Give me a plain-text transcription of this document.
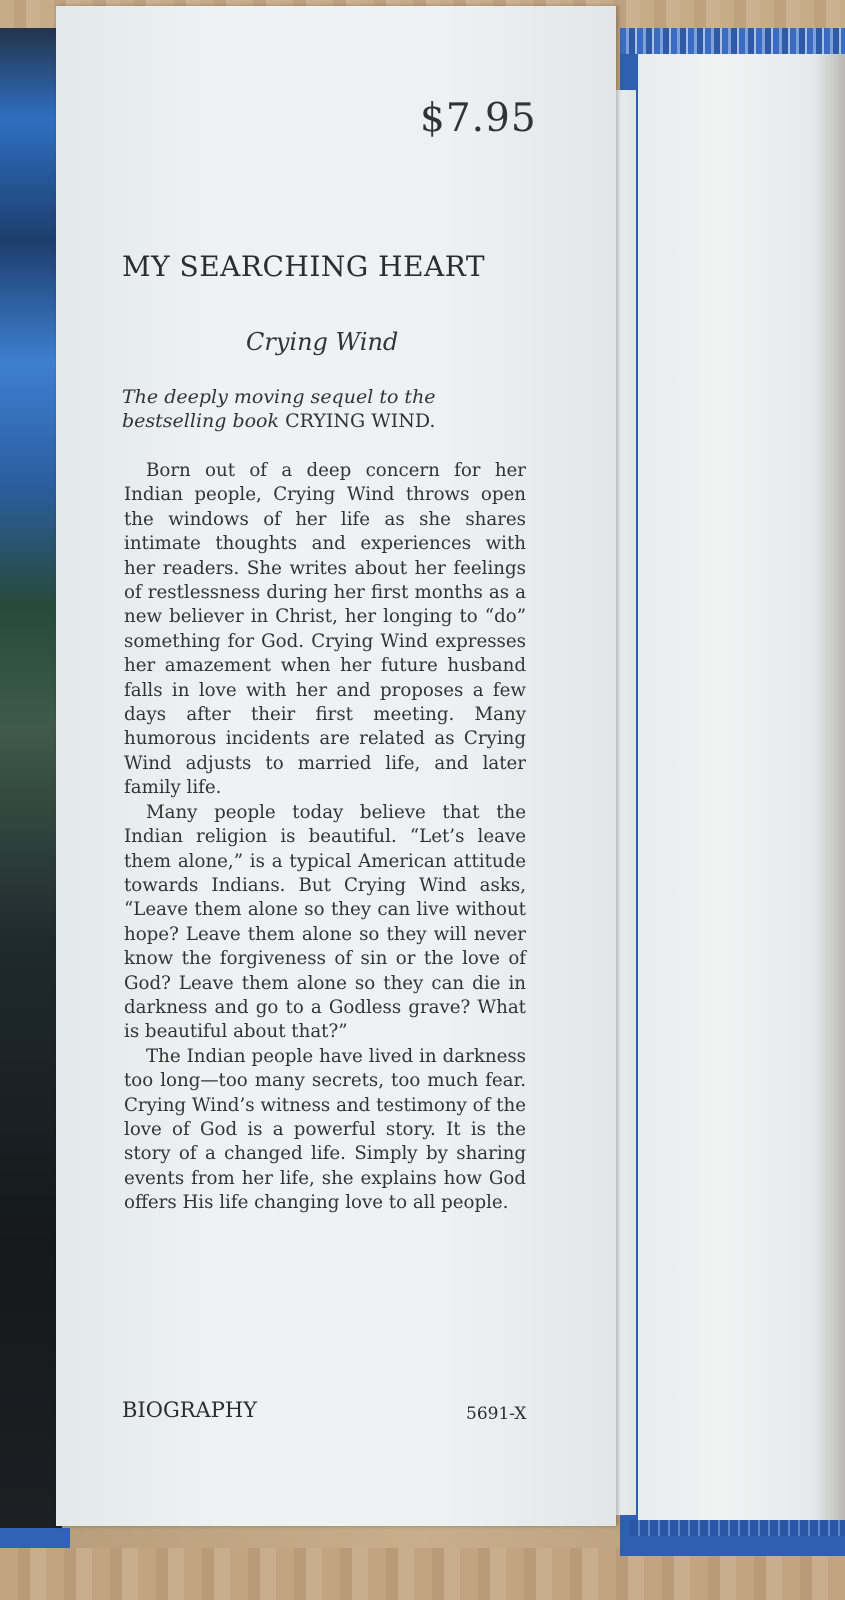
$7.95
MY SEARCHING HEART
Crying Wind
The deeply moving sequel to the bestselling book CRYING WIND.

Born out of a deep concern for her Indian people, Crying Wind throws open the windows of her life as she shares intimate thoughts and experiences with her readers. She writes about her feelings of restlessness during her first months as a new believer in Christ, her longing to “do” something for God. Crying Wind expresses her amazement when her future husband falls in love with her and proposes a few days after their first meeting. Many humorous incidents are related as Crying Wind adjusts to married life, and later family life.

Many people today believe that the Indian religion is beautiful. “Let’s leave them alone,” is a typical American attitude towards Indians. But Crying Wind asks, “Leave them alone so they can live without hope? Leave them alone so they will never know the forgiveness of sin or the love of God? Leave them alone so they can die in darkness and go to a Godless grave? What is beautiful about that?”

The Indian people have lived in darkness too long—too many secrets, too much fear. Crying Wind’s witness and testimony of the love of God is a powerful story. It is the story of a changed life. Simply by sharing events from her life, she explains how God offers His life changing love to all people.

BIOGRAPHY	5691-X
